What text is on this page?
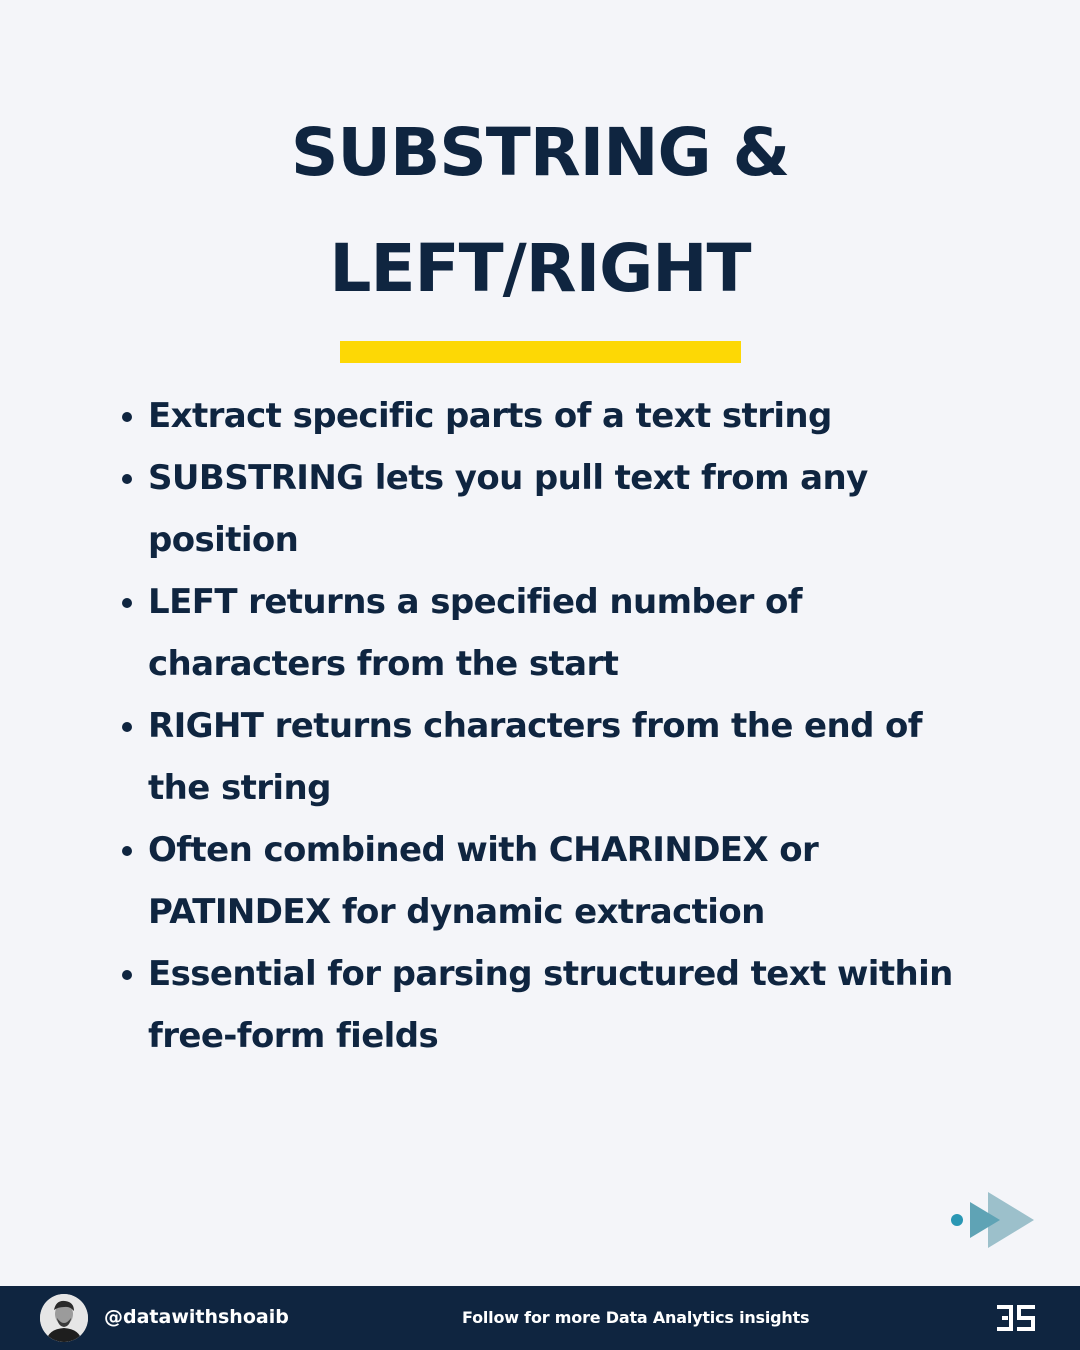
SUBSTRING &
LEFT/RIGHT
Extract specific parts of a text string
SUBSTRING lets you pull text from any position
LEFT returns a specified number of characters from the start
RIGHT returns characters from the end of the string
Often combined with CHARINDEX or PATINDEX for dynamic extraction
Essential for parsing structured text within free-form fields
@datawithshoaib	Follow for more Data Analytics insights
